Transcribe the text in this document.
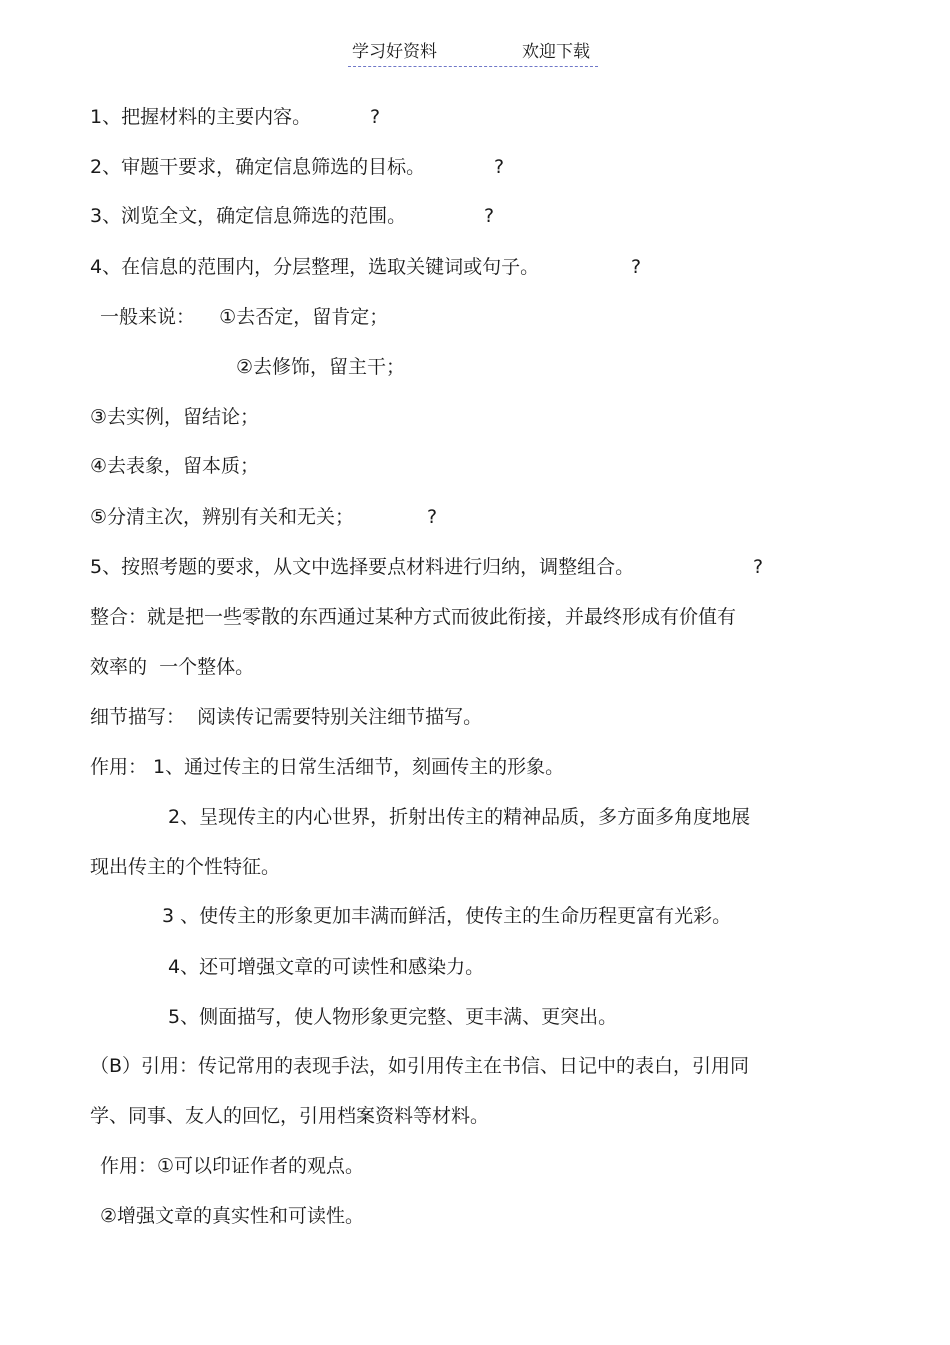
学习好资料	欢迎下载
1、把握材料的主要内容。	?
2、审题干要求，确定信息筛选的目标。	?
3、浏览全文，确定信息筛选的范围。	?
4、在信息的范围内，分层整理，选取关键词或句子。	?
一般来说：    ①去否定，留肯定；
②去修饰，留主干；
③去实例，留结论；
④去表象，留本质；
⑤分清主次，辨别有关和无关；	?
5、按照考题的要求，从文中选择要点材料进行归纳，调整组合。	?
整合：就是把一些零散的东西通过某种方式而彼此衔接，并最终形成有价值有
效率的  一个整体。
细节描写：  阅读传记需要特别关注细节描写。
作用： 1、通过传主的日常生活细节，刻画传主的形象。
2、呈现传主的内心世界，折射出传主的精神品质，多方面多角度地展
现出传主的个性特征。
3 、使传主的形象更加丰满而鲜活，使传主的生命历程更富有光彩。
4、还可增强文章的可读性和感染力。
5、侧面描写，使人物形象更完整、更丰满、更突出。
（B）引用：传记常用的表现手法，如引用传主在书信、日记中的表白，引用同
学、同事、友人的回忆，引用档案资料等材料。
作用：①可以印证作者的观点。
②增强文章的真实性和可读性。
